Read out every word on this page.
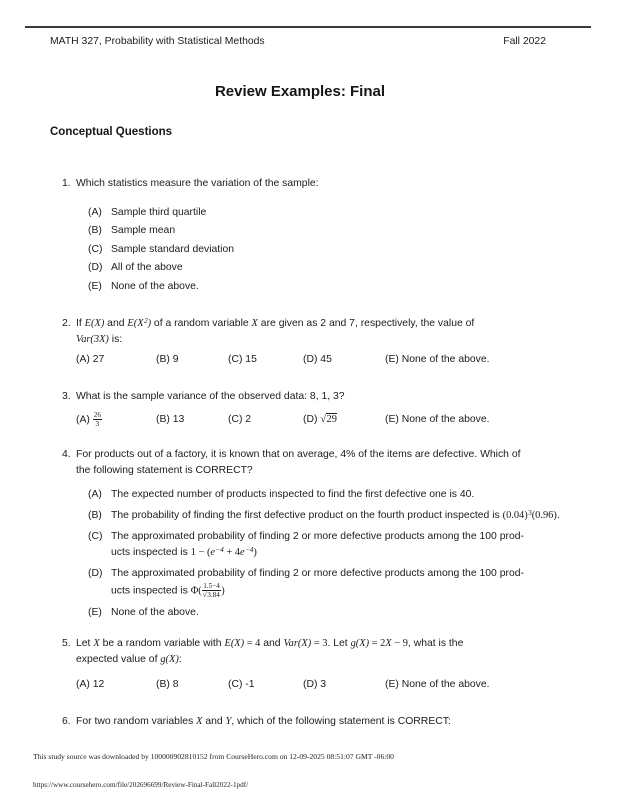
MATH 327, Probability with Statistical Methods	Fall 2022
Review Examples: Final
Conceptual Questions
1. Which statistics measure the variation of the sample:
(A) Sample third quartile
(B) Sample mean
(C) Sample standard deviation
(D) All of the above
(E) None of the above.
2. If E(X) and $E(X^2)$ of a random variable X are given as 2 and 7, respectively, the value of
Var(3X) is:
(A) 27	(B) 9	(C) 15	(D) 45	(E) None of the above.
3. What is the sample variance of the observed data: 8, 1, 3?
$(A) \frac{26}{3}$	(B) 13	(C) 2	(D) √29	(E) None of the above.
4. For products out of a factory, it is known that on average, 4% of the items are defective. Which of
the following statement is CORRECT?
(A) The expected number of products inspected to find the first defective one is 40.
(B) The probability of finding the first defective product on the fourth product inspected is $(0.04)^3(0.96)$.
(C) The approximated probability of finding 2 or more defective products among the 100 prod-
ucts inspected is $1 - (e^{-4} + 4e^{-4})$
(D) The approximated probability of finding 2 or more defective products among the 100 prod-
ucts inspected is $\Phi( \frac{1.5-4}{√3.84}$ )
(E) None of the above.
5. Let X be a random variable with E(X) = 4 and Var(X) = 3. Let g(X) = 2X − 9, what is the
expected value of g(X):
(A) 12	(B) 8	(C) -1	(D) 3	(E) None of the above.
6. For two random variables X and Y, which of the following statement is CORRECT:
This study source was downloaded by 100000902810152 from CourseHero.com on 12-09-2025 08:51:07 GMT -06:00
https://www.coursehero.com/file/202696699/Review-Final-Fall2022-1pdf/
